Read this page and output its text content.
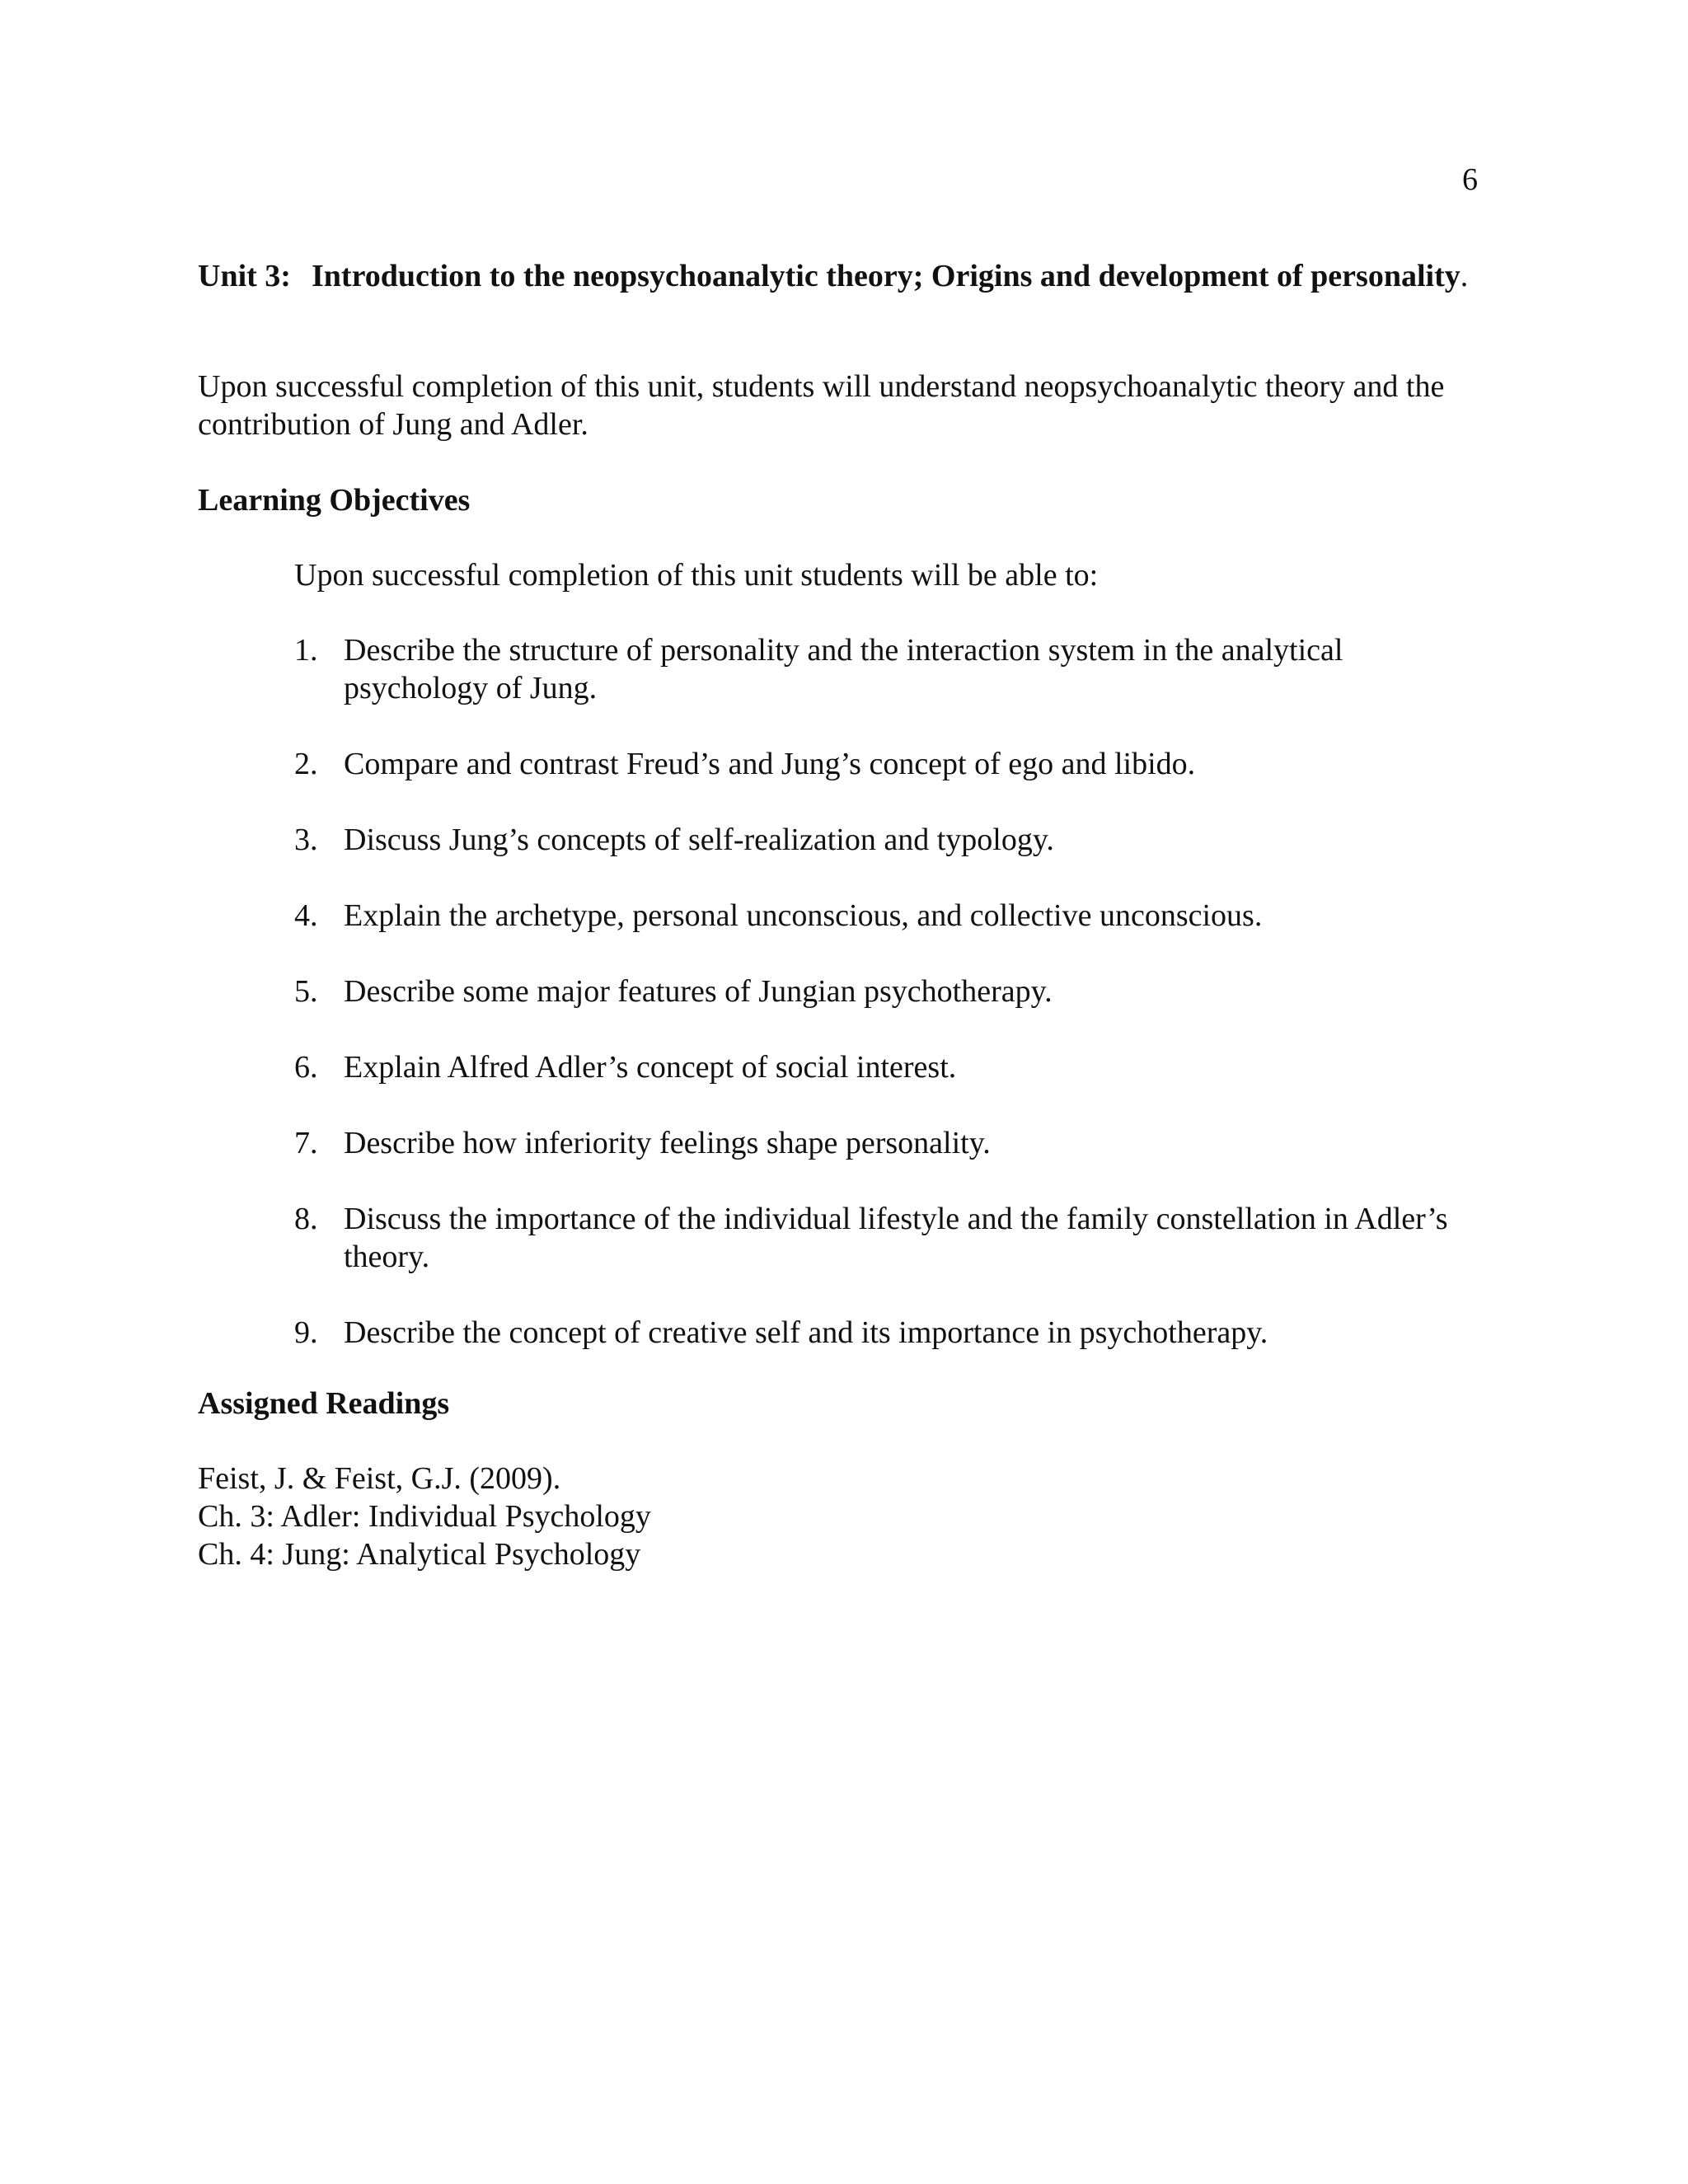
6
Unit 3: Introduction to the neopsychoanalytic theory; Origins and development of personality.
Upon successful completion of this unit, students will understand neopsychoanalytic theory and the contribution of Jung and Adler.
Learning Objectives
Upon successful completion of this unit students will be able to:
1. Describe the structure of personality and the interaction system in the analytical psychology of Jung.
2. Compare and contrast Freud’s and Jung’s concept of ego and libido.
3. Discuss Jung’s concepts of self-realization and typology.
4. Explain the archetype, personal unconscious, and collective unconscious.
5. Describe some major features of Jungian psychotherapy.
6. Explain Alfred Adler’s concept of social interest.
7. Describe how inferiority feelings shape personality.
8. Discuss the importance of the individual lifestyle and the family constellation in Adler’s theory.
9. Describe the concept of creative self and its importance in psychotherapy.
Assigned Readings
Feist, J. & Feist, G.J. (2009).
Ch. 3: Adler: Individual Psychology
Ch. 4: Jung: Analytical Psychology
